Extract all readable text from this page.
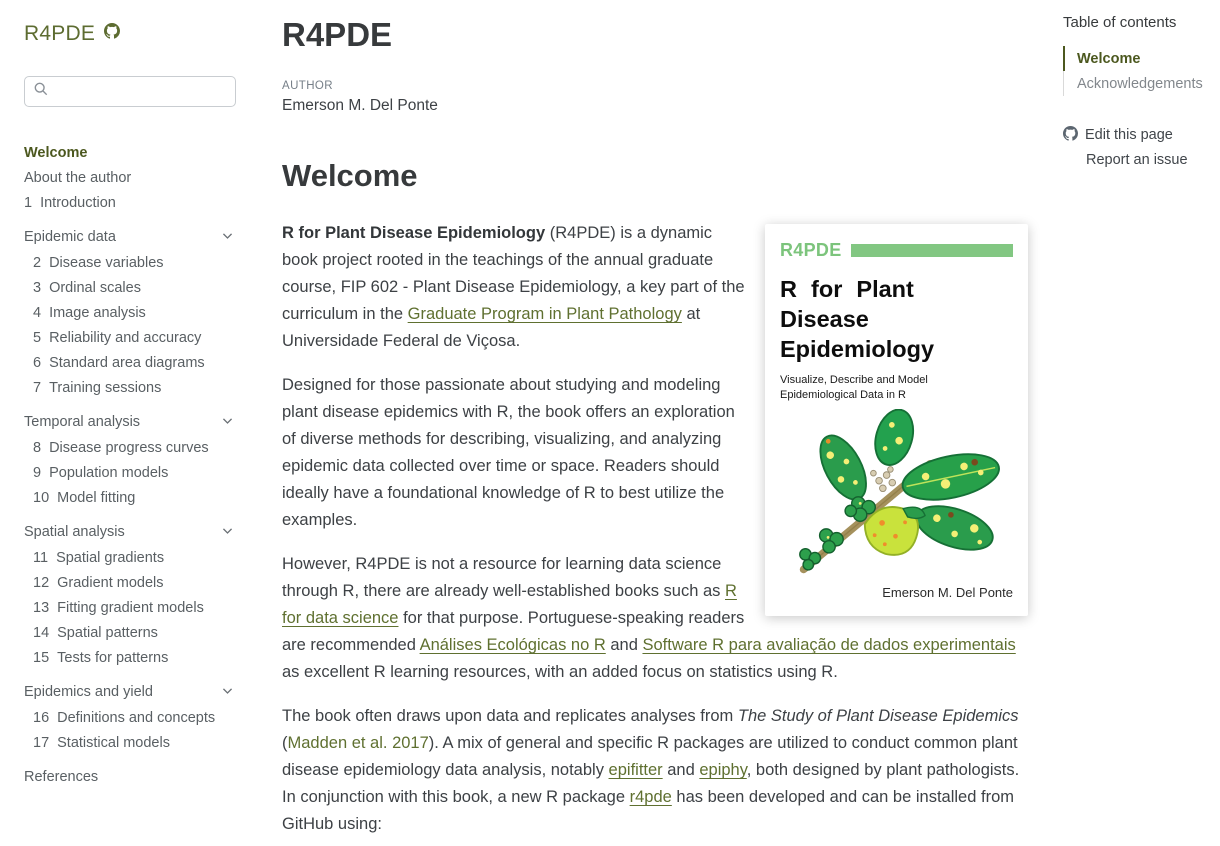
R4PDE
Welcome
About the author
1 Introduction
Epidemic data
2 Disease variables
3 Ordinal scales
4 Image analysis
5 Reliability and accuracy
6 Standard area diagrams
7 Training sessions
Temporal analysis
8 Disease progress curves
9 Population models
10 Model fitting
Spatial analysis
11 Spatial gradients
12 Gradient models
13 Fitting gradient models
14 Spatial patterns
15 Tests for patterns
Epidemics and yield
16 Definitions and concepts
17 Statistical models
References
R4PDE
AUTHOR
Emerson M. Del Ponte
Welcome
R4PDE
R for Plant Disease
Epidemiology
Visualize, Describe and Model
Epidemiological Data in R
Emerson M. Del Ponte

R for Plant Disease Epidemiology (R4PDE) is a dynamic book project rooted in the teachings of the annual graduate course, FIP 602 - Plant Disease Epidemiology, a key part of the curriculum in the Graduate Program in Plant Pathology at Universidade Federal de Viçosa.

Designed for those passionate about studying and modeling plant disease epidemics with R, the book offers an exploration of diverse methods for describing, visualizing, and analyzing epidemic data collected over time or space. Readers should ideally have a foundational knowledge of R to best utilize the examples.

However, R4PDE is not a resource for learning data science through R, there are already well-established books such as R for data science for that purpose. Portuguese-speaking readers are recommended Análises Ecológicas no R and Software R para avaliação de dados experimentais as excellent R learning resources, with an added focus on statistics using R.

The book often draws upon data and replicates analyses from The Study of Plant Disease Epidemics (Madden et al. 2017). A mix of general and specific R packages are utilized to conduct common plant disease epidemiology data analysis, notably epifitter and epiphy, both designed by plant pathologists. In conjunction with this book, a new R package r4pde has been developed and can be installed from GitHub using:

Table of contents
Welcome
Acknowledgements
Edit this page
Report an issue
